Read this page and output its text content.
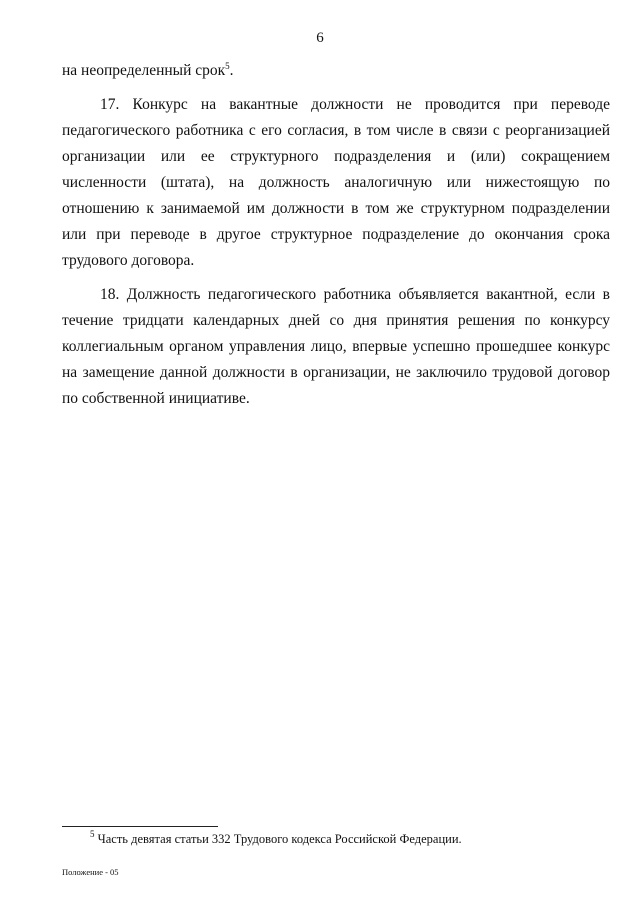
6

на неопределенный срок$^5$.

17. Конкурс на вакантные должности не проводится при переводе педагогического работника с его согласия, в том числе в связи с реорганизацией организации или ее структурного подразделения и (или) сокращением численности (штата), на должность аналогичную или нижестоящую по отношению к занимаемой им должности в том же структурном подразделении или при переводе в другое структурное подразделение до окончания срока трудового договора.

18. Должность педагогического работника объявляется вакантной, если в течение тридцати календарных дней со дня принятия решения по конкурсу коллегиальным органом управления лицо, впервые успешно прошедшее конкурс на замещение данной должности в организации, не заключило трудовой договор по собственной инициативе.

$^5$ Часть девятая статьи 332 Трудового кодекса Российской Федерации.
Положение - 05
